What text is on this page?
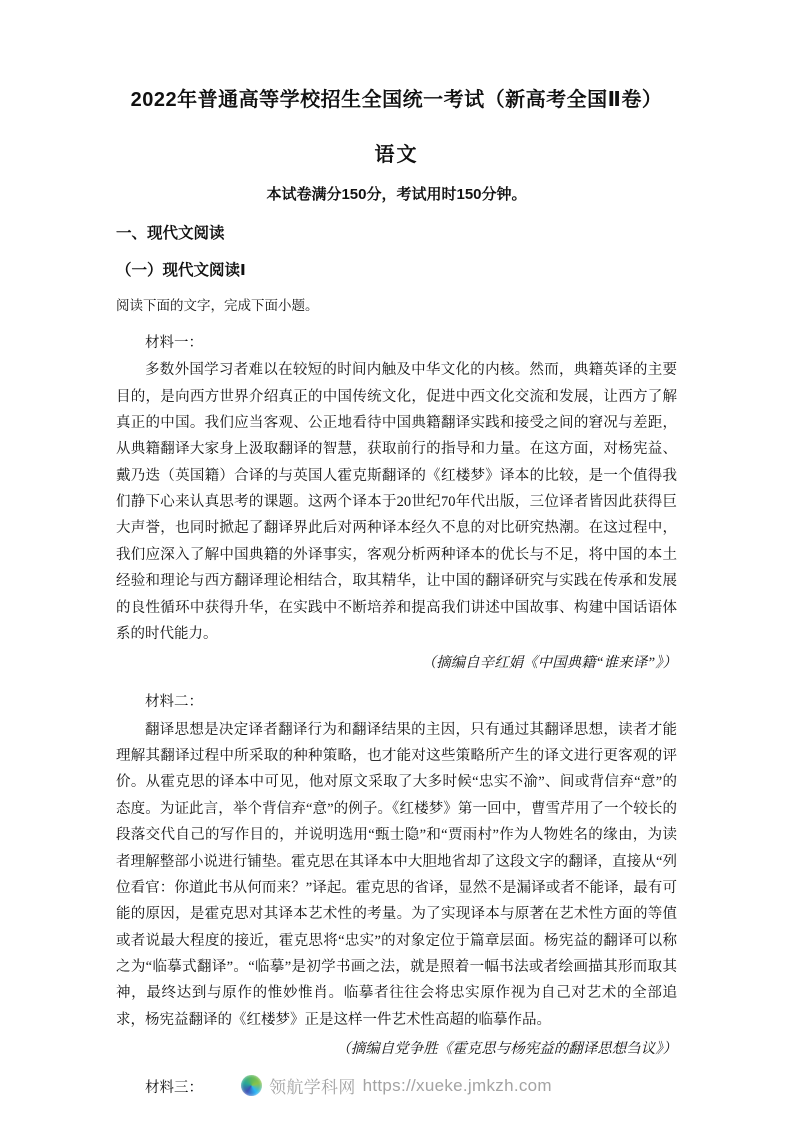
2022年普通高等学校招生全国统一考试（新高考全国Ⅱ卷）
语文
本试卷满分150分，考试用时150分钟。
一、现代文阅读
（一）现代文阅读Ⅰ
阅读下面的文字，完成下面小题。
材料一：

多数外国学习者难以在较短的时间内触及中华文化的内核。然而，典籍英译的主要目的，是向西方世界介绍真正的中国传统文化，促进中西文化交流和发展，让西方了解真正的中国。我们应当客观、公正地看待中国典籍翻译实践和接受之间的窘况与差距，从典籍翻译大家身上汲取翻译的智慧，获取前行的指导和力量。在这方面，对杨宪益、戴乃迭（英国籍）合译的与英国人霍克斯翻译的《红楼梦》译本的比较，是一个值得我们静下心来认真思考的课题。这两个译本于20世纪70年代出版，三位译者皆因此获得巨大声誉，也同时掀起了翻译界此后对两种译本经久不息的对比研究热潮。在这过程中，我们应深入了解中国典籍的外译事实，客观分析两种译本的优长与不足，将中国的本土经验和理论与西方翻译理论相结合，取其精华，让中国的翻译研究与实践在传承和发展的良性循环中获得升华，在实践中不断培养和提高我们讲述中国故事、构建中国话语体系的时代能力。

（摘编自辛红娟《中国典籍“谁来译”》）
材料二：

翻译思想是决定译者翻译行为和翻译结果的主因，只有通过其翻译思想，读者才能理解其翻译过程中所采取的种种策略，也才能对这些策略所产生的译文进行更客观的评价。从霍克思的译本中可见，他对原文采取了大多时候“忠实不渝”、间或背信弃“意”的态度。为证此言，举个背信弃“意”的例子。《红楼梦》第一回中，曹雪芹用了一个较长的段落交代自己的写作目的，并说明选用“甄士隐”和“贾雨村”作为人物姓名的缘由，为读者理解整部小说进行铺垫。霍克思在其译本中大胆地省却了这段文字的翻译，直接从“列位看官：你道此书从何而来？”译起。霍克思的省译，显然不是漏译或者不能译，最有可能的原因，是霍克思对其译本艺术性的考量。为了实现译本与原著在艺术性方面的等值或者说最大程度的接近，霍克思将“忠实”的对象定位于篇章层面。杨宪益的翻译可以称之为“临摹式翻译”。“临摹”是初学书画之法，就是照着一幅书法或者绘画描其形而取其神，最终达到与原作的惟妙惟肖。临摹者往往会将忠实原作视为自己对艺术的全部追求，杨宪益翻译的《红楼梦》正是这样一件艺术性高超的临摹作品。

（摘编自党争胜《霍克思与杨宪益的翻译思想刍议》）
材料三：	领航学科网 https://xueke.jmkzh.com
